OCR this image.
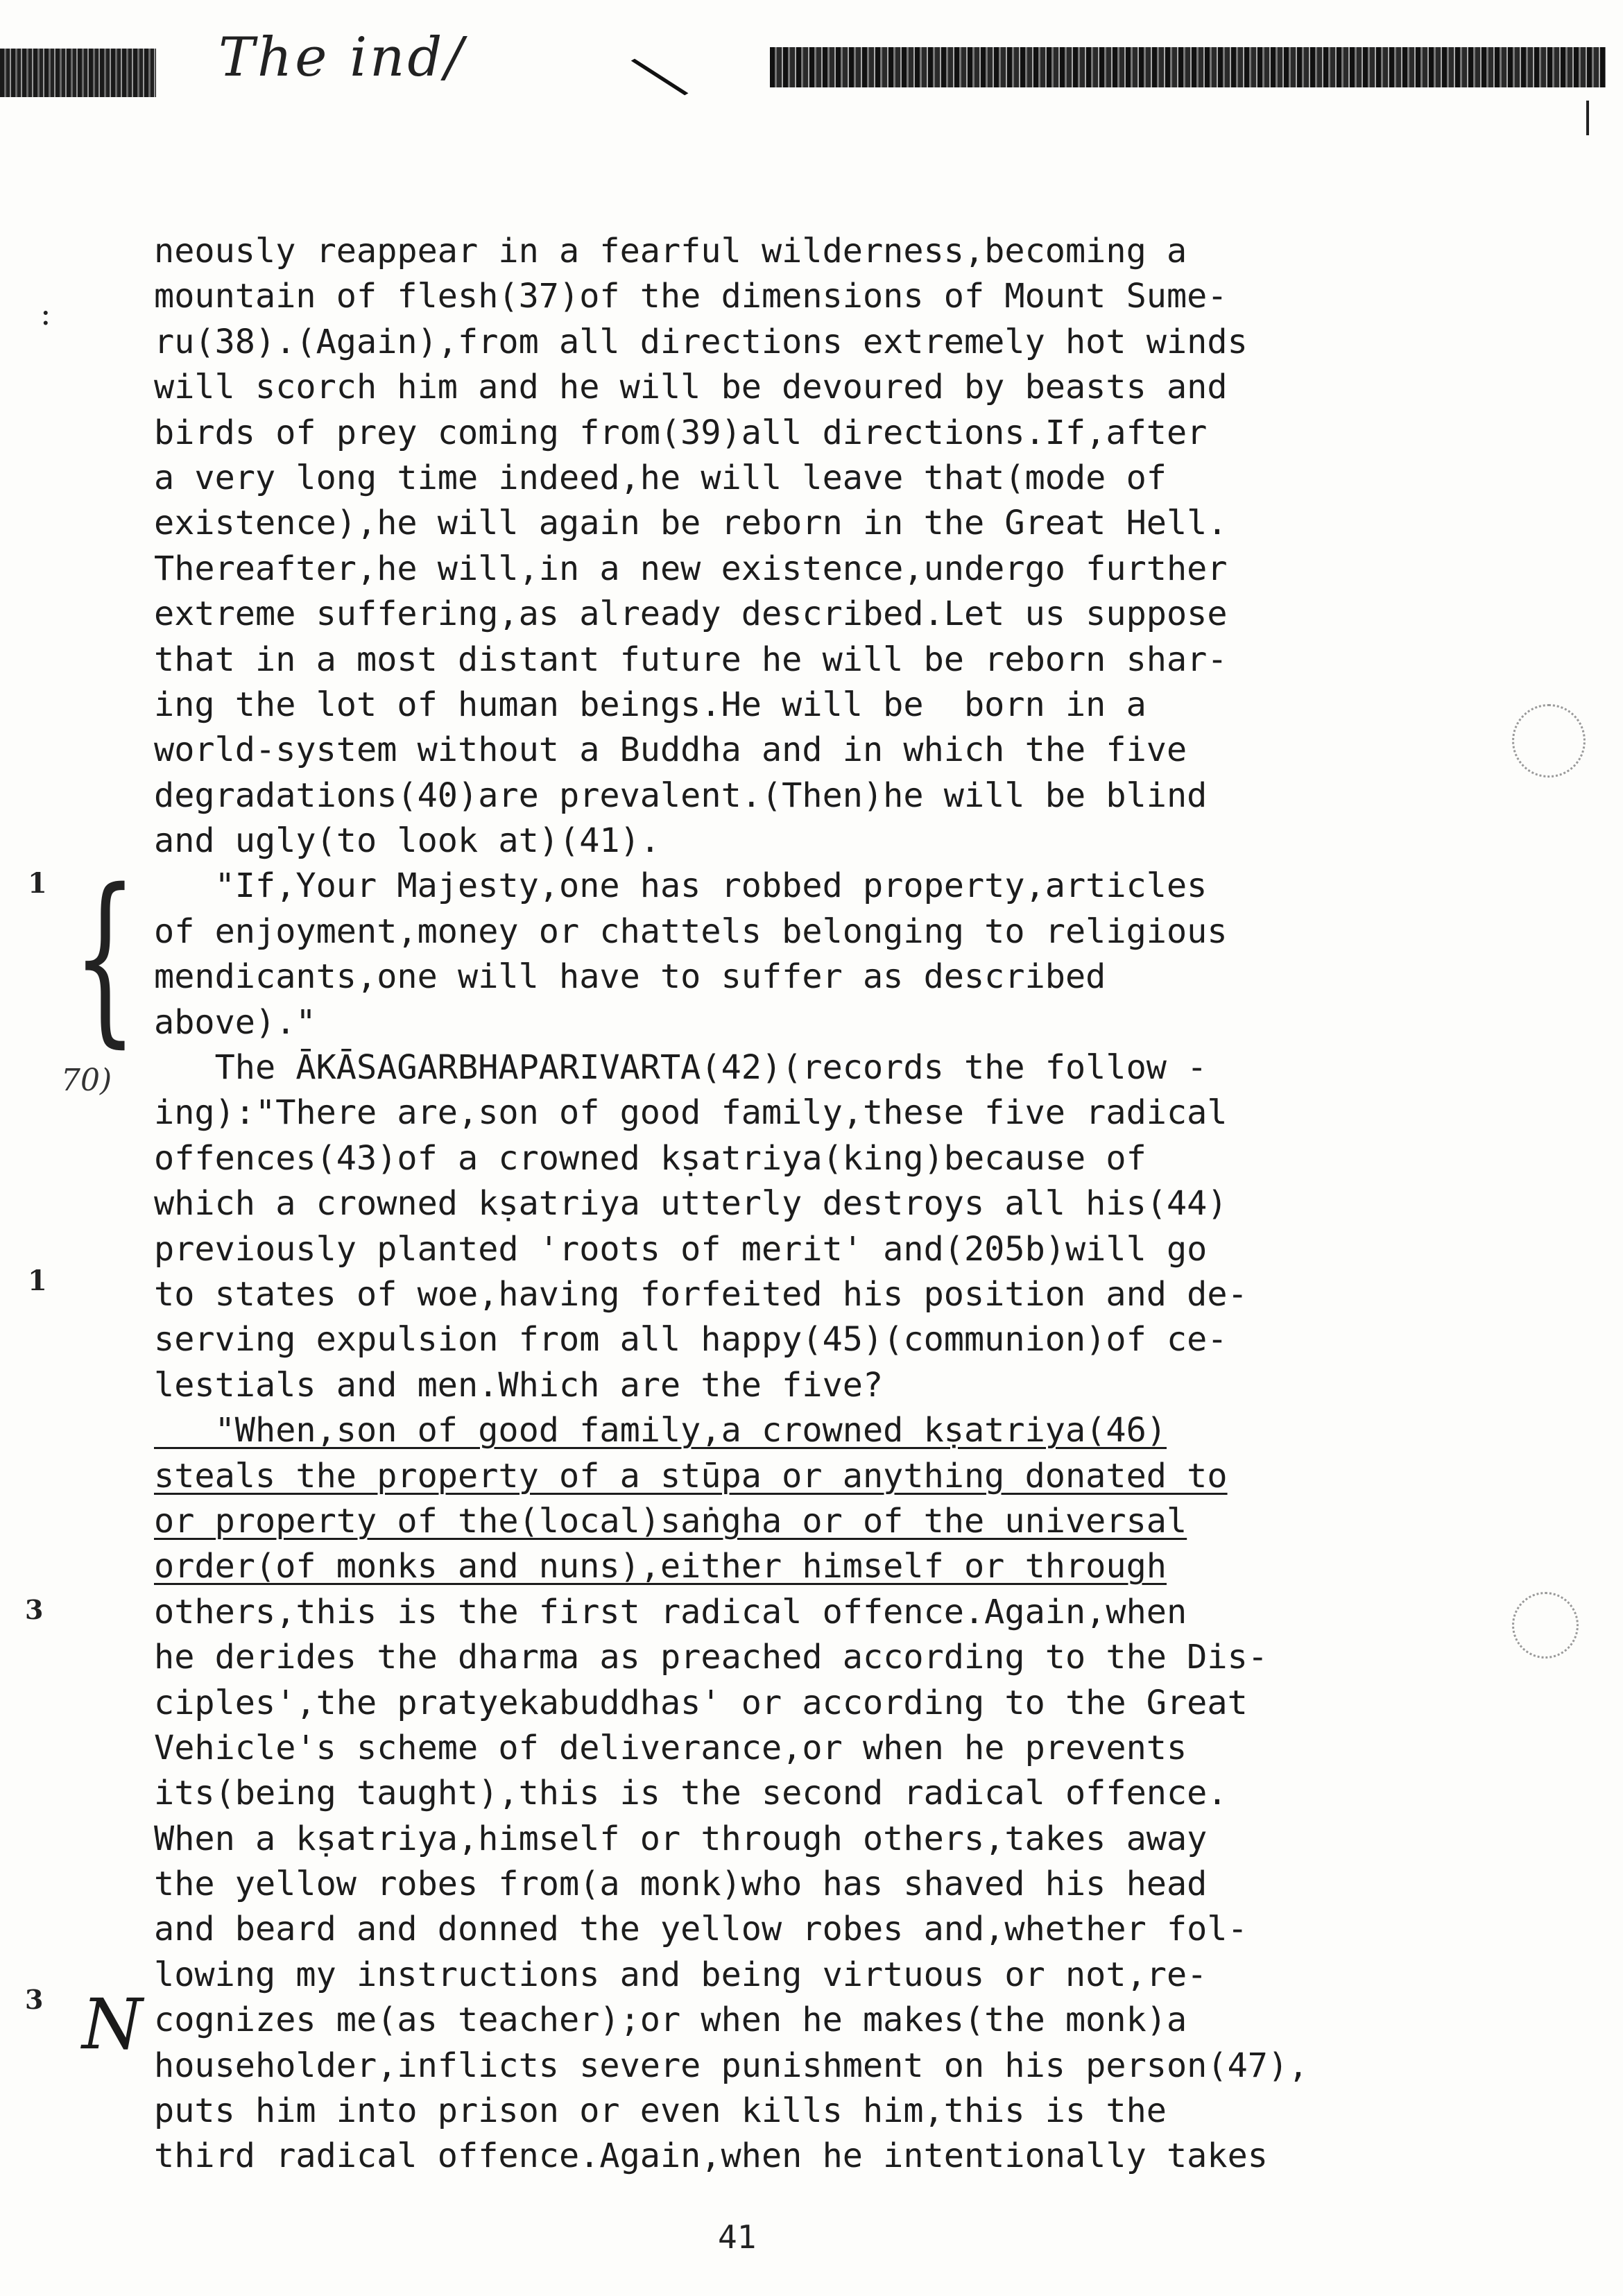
The ind/	╲
:
1 {
70)
1
3
3 N
neously reappear in a fearful wilderness,becoming a
mountain of flesh(37)of the dimensions of Mount Sume-
ru(38).(Again),from all directions extremely hot winds
will scorch him and he will be devoured by beasts and
birds of prey coming from(39)all directions.If,after
a very long time indeed,he will leave that(mode of
existence),he will again be reborn in the Great Hell.
Thereafter,he will,in a new existence,undergo further
extreme suffering,as already described.Let us suppose
that in a most distant future he will be reborn shar-
ing the lot of human beings.He will be  born in a
world-system without a Buddha and in which the five
degradations(40)are prevalent.(Then)he will be blind
and ugly(to look at)(41).
"If,Your Majesty,one has robbed property,articles
of enjoyment,money or chattels belonging to religious
mendicants,one will have to suffer as described
above)."
The ĀKĀSAGARBHAPARIVARTA(42)(records the follow -
ing):"There are,son of good family,these five radical
offences(43)of a crowned kṣatriya(king)because of
which a crowned kṣatriya utterly destroys all his(44)
previously planted 'roots of merit' and(205b)will go
to states of woe,having forfeited his position and de-
serving expulsion from all happy(45)(communion)of ce-
lestials and men.Which are the five?
"When,son of good family,a crowned kṣatriya(46)
steals the property of a stūpa or anything donated to
or property of the(local)saṅgha or of the universal
order(of monks and nuns),either himself or through
others,this is the first radical offence.Again,when
he derides the dharma as preached according to the Dis-
ciples',the pratyekabuddhas' or according to the Great
Vehicle's scheme of deliverance,or when he prevents
its(being taught),this is the second radical offence.
When a kṣatriya,himself or through others,takes away
the yellow robes from(a monk)who has shaved his head
and beard and donned the yellow robes and,whether fol-
lowing my instructions and being virtuous or not,re-
cognizes me(as teacher);or when he makes(the monk)a
householder,inflicts severe punishment on his person(47),
puts him into prison or even kills him,this is the
third radical offence.Again,when he intentionally takes
41
